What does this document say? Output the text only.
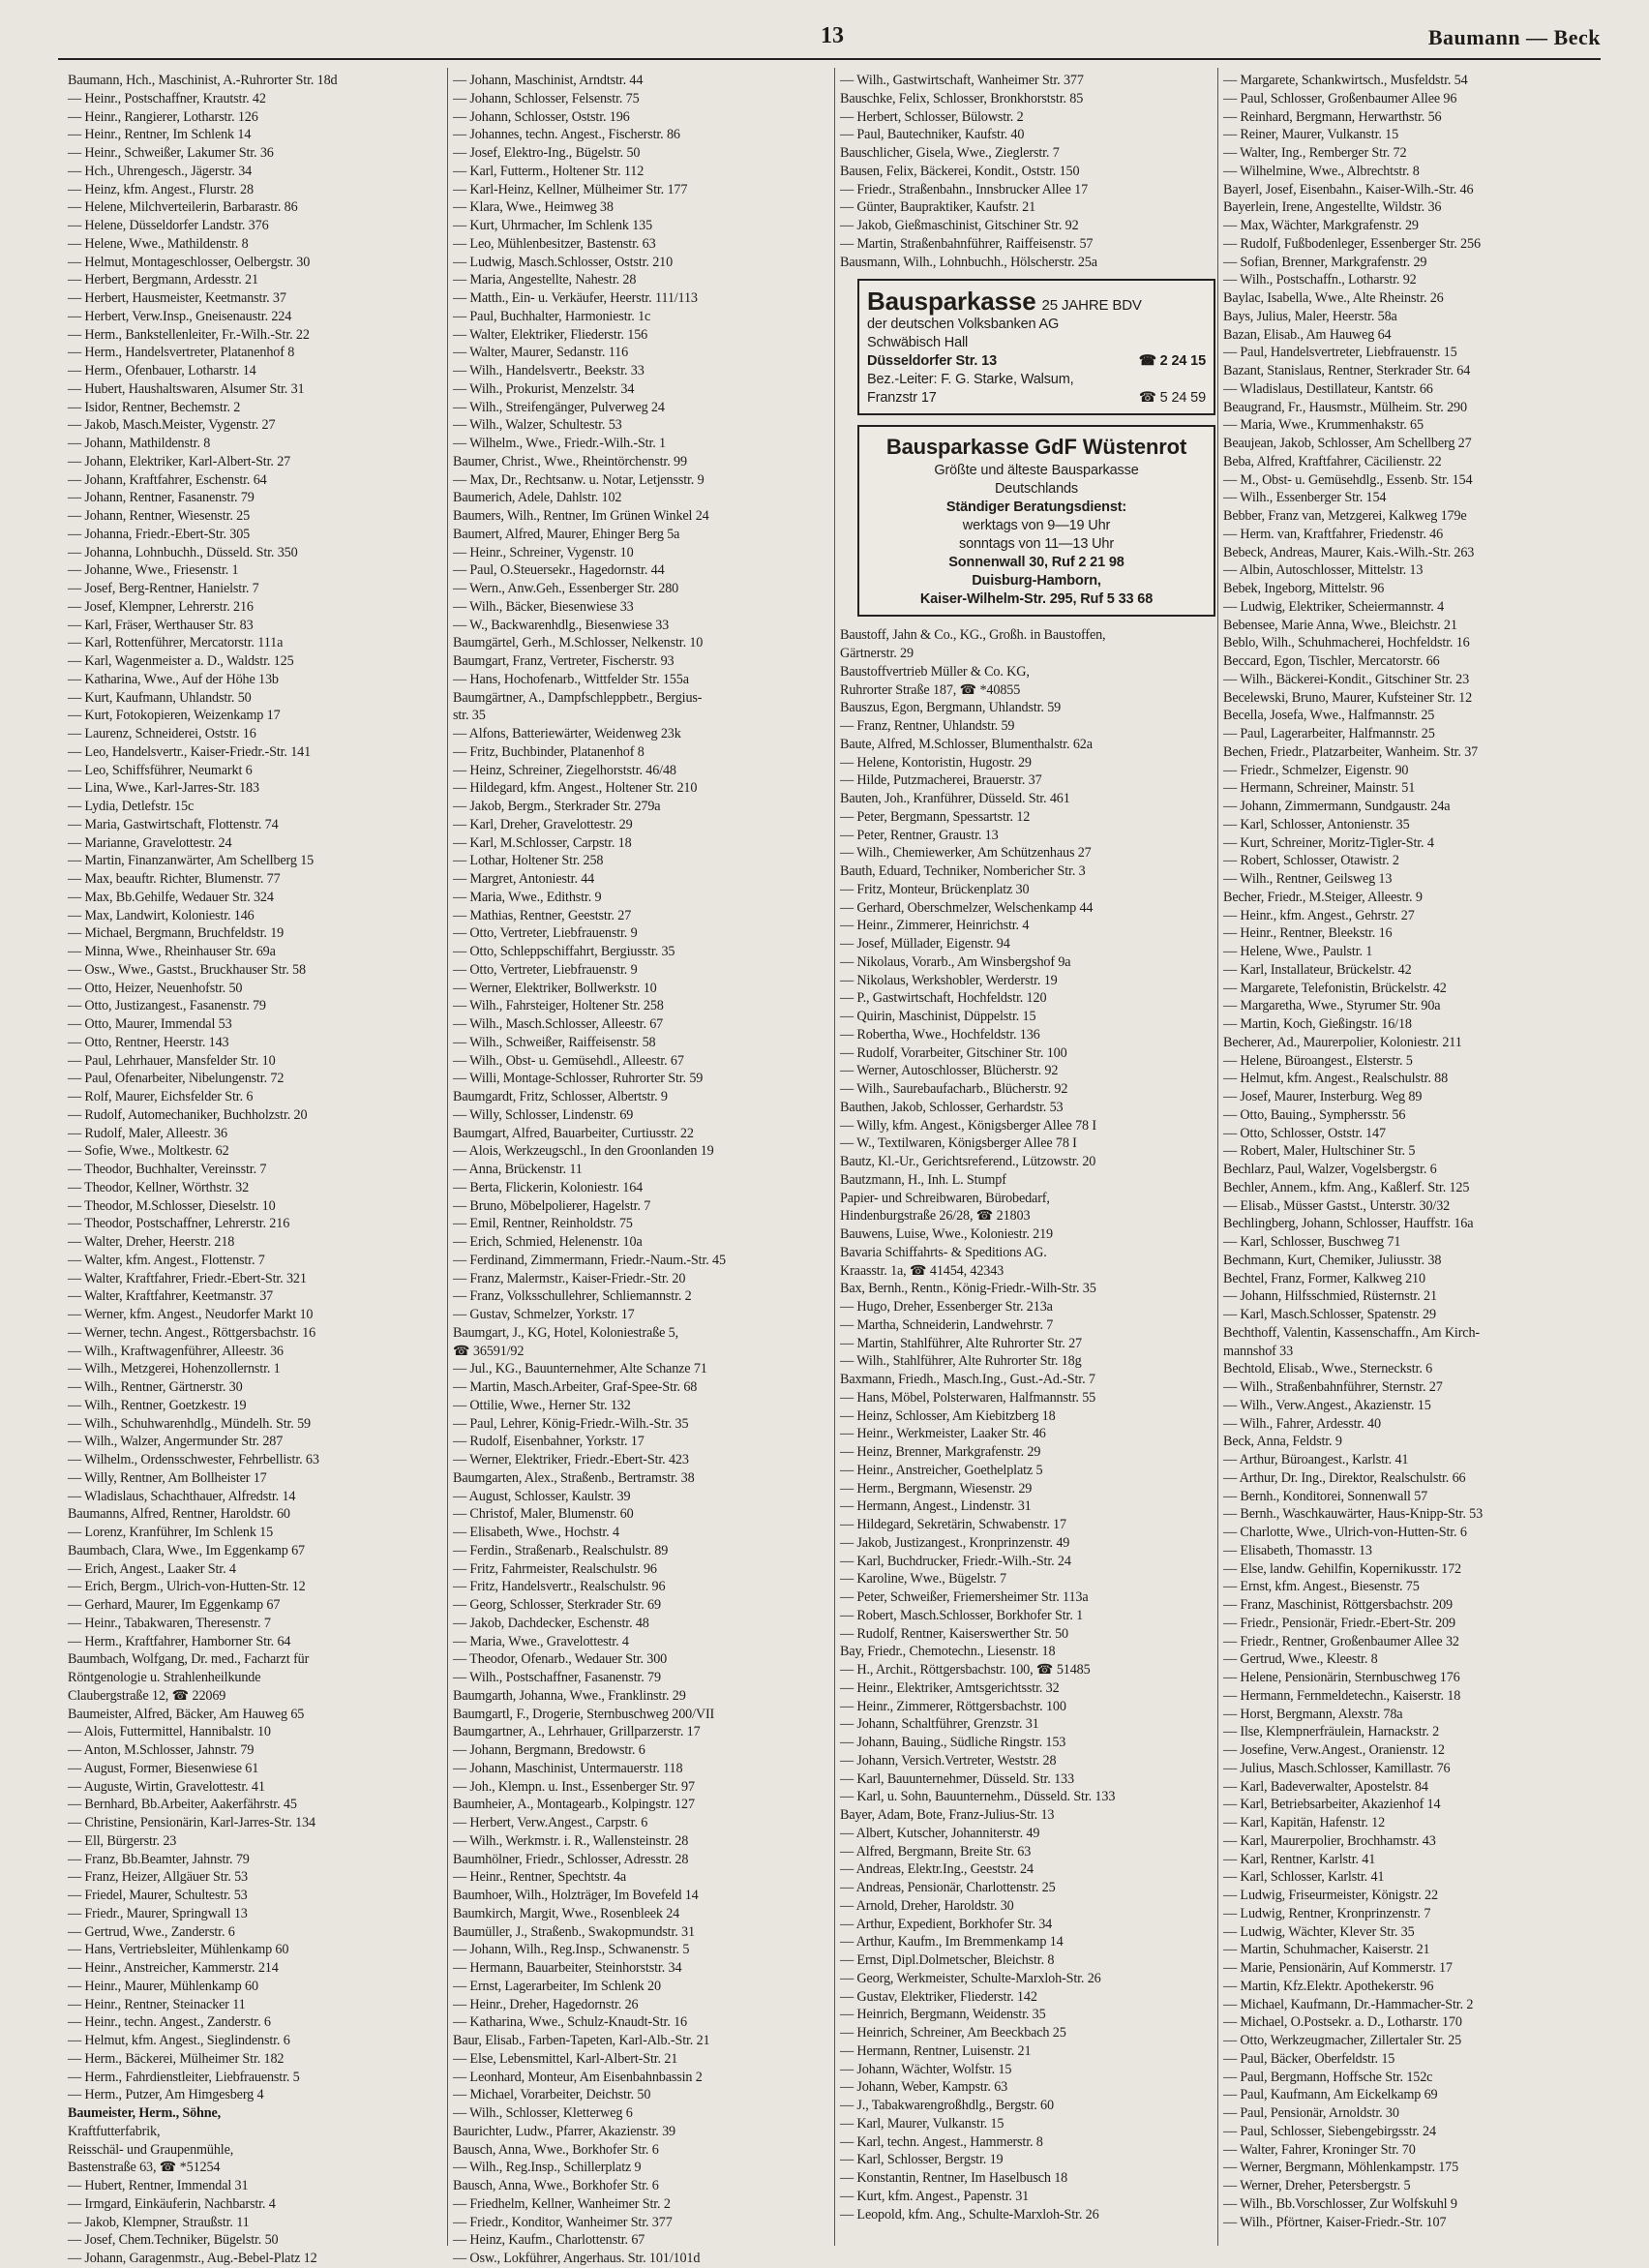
13	Baumann — Beck
Baumann, Hch., Maschinist, A.-Ruhrorter Str. 18d
— Heinr., Postschaffner, Krautstr. 42
— Heinr., Rangierer, Lotharstr. 126
— Heinr., Rentner, Im Schlenk 14
— Heinr., Schweißer, Lakumer Str. 36
— Hch., Uhrengesch., Jägerstr. 34
— Heinz, kfm. Angest., Flurstr. 28
— Helene, Milchverteilerin, Barbarastr. 86
— Helene, Düsseldorfer Landstr. 376
— Helene, Wwe., Mathildenstr. 8
— Helmut, Montageschlosser, Oelbergstr. 30
— Herbert, Bergmann, Ardesstr. 21
— Herbert, Hausmeister, Keetmanstr. 37
— Herbert, Verw.Insp., Gneisenaustr. 224
— Herm., Bankstellenleiter, Fr.-Wilh.-Str. 22
— Herm., Handelsvertreter, Platanenhof 8
— Herm., Ofenbauer, Lotharstr. 14
— Hubert, Haushaltswaren, Alsumer Str. 31
— Isidor, Rentner, Bechemstr. 2
— Jakob, Masch.Meister, Vygenstr. 27
— Johann, Mathildenstr. 8
— Johann, Elektriker, Karl-Albert-Str. 27
— Johann, Kraftfahrer, Eschenstr. 64
— Johann, Rentner, Fasanenstr. 79
— Johann, Rentner, Wiesenstr. 25
— Johanna, Friedr.-Ebert-Str. 305
— Johanna, Lohnbuchh., Düsseld. Str. 350
— Johanne, Wwe., Friesenstr. 1
— Josef, Berg-Rentner, Hanielstr. 7
— Josef, Klempner, Lehrerstr. 216
— Karl, Fräser, Werthauser Str. 83
— Karl, Rottenführer, Mercatorstr. 111a
— Karl, Wagenmeister a. D., Waldstr. 125
— Katharina, Wwe., Auf der Höhe 13b
— Kurt, Kaufmann, Uhlandstr. 50
— Kurt, Fotokopieren, Weizenkamp 17
— Laurenz, Schneiderei, Oststr. 16
— Leo, Handelsvertr., Kaiser-Friedr.-Str. 141
— Leo, Schiffsführer, Neumarkt 6
— Lina, Wwe., Karl-Jarres-Str. 183
— Lydia, Detlefstr. 15c
— Maria, Gastwirtschaft, Flottenstr. 74
— Marianne, Gravelottestr. 24
— Martin, Finanzanwärter, Am Schellberg 15
— Max, beauftr. Richter, Blumenstr. 77
— Max, Bb.Gehilfe, Wedauer Str. 324
— Max, Landwirt, Koloniestr. 146
— Michael, Bergmann, Bruchfeldstr. 19
— Minna, Wwe., Rheinhauser Str. 69a
— Osw., Wwe., Gastst., Bruckhauser Str. 58
— Otto, Heizer, Neuenhofstr. 50
— Otto, Justizangest., Fasanenstr. 79
— Otto, Maurer, Immendal 53
— Otto, Rentner, Heerstr. 143
— Paul, Lehrhauer, Mansfelder Str. 10
— Paul, Ofenarbeiter, Nibelungenstr. 72
— Rolf, Maurer, Eichsfelder Str. 6
— Rudolf, Automechaniker, Buchholzstr. 20
— Rudolf, Maler, Alleestr. 36
— Sofie, Wwe., Moltkestr. 62
— Theodor, Buchhalter, Vereinsstr. 7
— Theodor, Kellner, Wörthstr. 32
— Theodor, M.Schlosser, Dieselstr. 10
— Theodor, Postschaffner, Lehrerstr. 216
— Walter, Dreher, Heerstr. 218
— Walter, kfm. Angest., Flottenstr. 7
— Walter, Kraftfahrer, Friedr.-Ebert-Str. 321
— Walter, Kraftfahrer, Keetmanstr. 37
— Werner, kfm. Angest., Neudorfer Markt 10
— Werner, techn. Angest., Röttgersbachstr. 16
— Wilh., Kraftwagenführer, Alleestr. 36
— Wilh., Metzgerei, Hohenzollernstr. 1
— Wilh., Rentner, Gärtnerstr. 30
— Wilh., Rentner, Goetzkestr. 19
— Wilh., Schuhwarenhdlg., Mündelh. Str. 59
— Wilh., Walzer, Angermunder Str. 287
— Wilhelm., Ordensschwester, Fehrbellistr. 63
— Willy, Rentner, Am Bollheister 17
— Wladislaus, Schachthauer, Alfredstr. 14
Baumanns, Alfred, Rentner, Haroldstr. 60
— Lorenz, Kranführer, Im Schlenk 15
Baumbach, Clara, Wwe., Im Eggenkamp 67
— Erich, Angest., Laaker Str. 4
— Erich, Bergm., Ulrich-von-Hutten-Str. 12
— Gerhard, Maurer, Im Eggenkamp 67
— Heinr., Tabakwaren, Theresenstr. 7
— Herm., Kraftfahrer, Hamborner Str. 64
Baumbach, Wolfgang, Dr. med., Facharzt für
Röntgenologie u. Strahlenheilkunde
Claubergstraße 12, ☎ 22069
Baumeister, Alfred, Bäcker, Am Hauweg 65
— Alois, Futtermittel, Hannibalstr. 10
— Anton, M.Schlosser, Jahnstr. 79
— August, Former, Biesenwiese 61
— Auguste, Wirtin, Gravelottestr. 41
— Bernhard, Bb.Arbeiter, Aakerfährstr. 45
— Christine, Pensionärin, Karl-Jarres-Str. 134
— Ell, Bürgerstr. 23
— Franz, Bb.Beamter, Jahnstr. 79
— Franz, Heizer, Allgäuer Str. 53
— Friedel, Maurer, Schultestr. 53
— Friedr., Maurer, Springwall 13
— Gertrud, Wwe., Zanderstr. 6
— Hans, Vertriebsleiter, Mühlenkamp 60
— Heinr., Anstreicher, Kammerstr. 214
— Heinr., Maurer, Mühlenkamp 60
— Heinr., Rentner, Steinacker 11
— Heinr., techn. Angest., Zanderstr. 6
— Helmut, kfm. Angest., Sieglindenstr. 6
— Herm., Bäckerei, Mülheimer Str. 182
— Herm., Fahrdienstleiter, Liebfrauenstr. 5
— Herm., Putzer, Am Himgesberg 4
Baumeister, Herm., Söhne,
Kraftfutterfabrik,
Reisschäl- und Graupenmühle,
Bastenstraße 63, ☎ *51254
— Hubert, Rentner, Immendal 31
— Irmgard, Einkäuferin, Nachbarstr. 4
— Jakob, Klempner, Straußstr. 11
— Josef, Chem.Techniker, Bügelstr. 50
— Johann, Garagenmstr., Aug.-Bebel-Platz 12
— Johann, Maschinist, Arndtstr. 44
— Johann, Schlosser, Felsenstr. 75
— Johann, Schlosser, Oststr. 196
— Johannes, techn. Angest., Fischerstr. 86
— Josef, Elektro-Ing., Bügelstr. 50
— Karl, Futterm., Holtener Str. 112
— Karl-Heinz, Kellner, Mülheimer Str. 177
— Klara, Wwe., Heimweg 38
— Kurt, Uhrmacher, Im Schlenk 135
— Leo, Mühlenbesitzer, Bastenstr. 63
— Ludwig, Masch.Schlosser, Oststr. 210
— Maria, Angestellte, Nahestr. 28
— Matth., Ein- u. Verkäufer, Heerstr. 111/113
— Paul, Buchhalter, Harmoniestr. 1c
— Walter, Elektriker, Fliederstr. 156
— Walter, Maurer, Sedanstr. 116
— Wilh., Handelsvertr., Beekstr. 33
— Wilh., Prokurist, Menzelstr. 34
— Wilh., Streifengänger, Pulverweg 24
— Wilh., Walzer, Schultestr. 53
— Wilhelm., Wwe., Friedr.-Wilh.-Str. 1
Baumer, Christ., Wwe., Rheintörchenstr. 99
— Max, Dr., Rechtsanw. u. Notar, Letjensstr. 9
Baumerich, Adele, Dahlstr. 102
Baumers, Wilh., Rentner, Im Grünen Winkel 24
Baumert, Alfred, Maurer, Ehinger Berg 5a
— Heinr., Schreiner, Vygenstr. 10
— Paul, O.Steuersekr., Hagedornstr. 44
— Wern., Anw.Geh., Essenberger Str. 280
— Wilh., Bäcker, Biesenwiese 33
— W., Backwarenhdlg., Biesenwiese 33
Baumgärtel, Gerh., M.Schlosser, Nelkenstr. 10
Baumgart, Franz, Vertreter, Fischerstr. 93
— Hans, Hochofenarb., Wittfelder Str. 155a
Baumgärtner, A., Dampfschleppbetr., Bergius-
str. 35
— Alfons, Batteriewärter, Weidenweg 23k
— Fritz, Buchbinder, Platanenhof 8
— Heinz, Schreiner, Ziegelhorststr. 46/48
— Hildegard, kfm. Angest., Holtener Str. 210
— Jakob, Bergm., Sterkrader Str. 279a
— Karl, Dreher, Gravelottestr. 29
— Karl, M.Schlosser, Carpstr. 18
— Lothar, Holtener Str. 258
— Margret, Antoniestr. 44
— Maria, Wwe., Edithstr. 9
— Mathias, Rentner, Geeststr. 27
— Otto, Vertreter, Liebfrauenstr. 9
— Otto, Schleppschiffahrt, Bergiusstr. 35
— Otto, Vertreter, Liebfrauenstr. 9
— Werner, Elektriker, Bollwerkstr. 10
— Wilh., Fahrsteiger, Holtener Str. 258
— Wilh., Masch.Schlosser, Alleestr. 67
— Wilh., Schweißer, Raiffeisenstr. 58
— Wilh., Obst- u. Gemüsehdl., Alleestr. 67
— Willi, Montage-Schlosser, Ruhrorter Str. 59
Baumgardt, Fritz, Schlosser, Albertstr. 9
— Willy, Schlosser, Lindenstr. 69
Baumgart, Alfred, Bauarbeiter, Curtiusstr. 22
— Alois, Werkzeugschl., In den Groonlanden 19
— Anna, Brückenstr. 11
— Berta, Flickerin, Koloniestr. 164
— Bruno, Möbelpolierer, Hagelstr. 7
— Emil, Rentner, Reinholdstr. 75
— Erich, Schmied, Helenenstr. 10a
— Ferdinand, Zimmermann, Friedr.-Naum.-Str. 45
— Franz, Malermstr., Kaiser-Friedr.-Str. 20
— Franz, Volksschullehrer, Schliemannstr. 2
— Gustav, Schmelzer, Yorkstr. 17
Baumgart, J., KG, Hotel, Koloniestraße 5,
☎ 36591/92
— Jul., KG., Bauunternehmer, Alte Schanze 71
— Martin, Masch.Arbeiter, Graf-Spee-Str. 68
— Ottilie, Wwe., Herner Str. 132
— Paul, Lehrer, König-Friedr.-Wilh.-Str. 35
— Rudolf, Eisenbahner, Yorkstr. 17
— Werner, Elektriker, Friedr.-Ebert-Str. 423
Baumgarten, Alex., Straßenb., Bertramstr. 38
— August, Schlosser, Kaulstr. 39
— Christof, Maler, Blumenstr. 60
— Elisabeth, Wwe., Hochstr. 4
— Ferdin., Straßenarb., Realschulstr. 89
— Fritz, Fahrmeister, Realschulstr. 96
— Fritz, Handelsvertr., Realschulstr. 96
— Georg, Schlosser, Sterkrader Str. 69
— Jakob, Dachdecker, Eschenstr. 48
— Maria, Wwe., Gravelottestr. 4
— Theodor, Ofenarb., Wedauer Str. 300
— Wilh., Postschaffner, Fasanenstr. 79
Baumgarth, Johanna, Wwe., Franklinstr. 29
Baumgartl, F., Drogerie, Sternbuschweg 200/VII
Baumgartner, A., Lehrhauer, Grillparzerstr. 17
— Johann, Bergmann, Bredowstr. 6
— Johann, Maschinist, Untermauerstr. 118
— Joh., Klempn. u. Inst., Essenberger Str. 97
Baumheier, A., Montagearb., Kolpingstr. 127
— Herbert, Verw.Angest., Carpstr. 6
— Wilh., Werkmstr. i. R., Wallensteinstr. 28
Baumhölner, Friedr., Schlosser, Adresstr. 28
— Heinr., Rentner, Spechtstr. 4a
Baumhoer, Wilh., Holzträger, Im Bovefeld 14
Baumkirch, Margit, Wwe., Rosenbleek 24
Baumüller, J., Straßenb., Swakopmundstr. 31
— Johann, Wilh., Reg.Insp., Schwanenstr. 5
— Hermann, Bauarbeiter, Steinhorststr. 34
— Ernst, Lagerarbeiter, Im Schlenk 20
— Heinr., Dreher, Hagedornstr. 26
— Katharina, Wwe., Schulz-Knaudt-Str. 16
Baur, Elisab., Farben-Tapeten, Karl-Alb.-Str. 21
— Else, Lebensmittel, Karl-Albert-Str. 21
— Leonhard, Monteur, Am Eisenbahnbassin 2
— Michael, Vorarbeiter, Deichstr. 50
— Wilh., Schlosser, Kletterweg 6
Baurichter, Ludw., Pfarrer, Akazienstr. 39
Bausch, Anna, Wwe., Borkhofer Str. 6
— Wilh., Reg.Insp., Schillerplatz 9
Bausch, Anna, Wwe., Borkhofer Str. 6
— Friedhelm, Kellner, Wanheimer Str. 2
— Friedr., Konditor, Wanheimer Str. 377
— Heinz, Kaufm., Charlottenstr. 67
— Osw., Lokführer, Angerhaus. Str. 101/101d
— Wilh., Gastwirtschaft, Wanheimer Str. 377
Bauschke, Felix, Schlosser, Bronkhorststr. 85
— Herbert, Schlosser, Bülowstr. 2
— Paul, Bautechniker, Kaufstr. 40
Bauschlicher, Gisela, Wwe., Zieglerstr. 7
Bausen, Felix, Bäckerei, Kondit., Oststr. 150
— Friedr., Straßenbahn., Innsbrucker Allee 17
— Günter, Baupraktiker, Kaufstr. 21
— Jakob, Gießmaschinist, Gitschiner Str. 92
— Martin, Straßenbahnführer, Raiffeisenstr. 57
Bausmann, Wilh., Lohnbuchh., Hölscherstr. 25a
Bausparkasse 25 JAHRE BDV
der deutschen Volksbanken AG
Schwäbisch Hall
Düsseldorfer Str. 13	☎ 2 24 15
Bez.-Leiter: F. G. Starke, Walsum,
Franzstr 17	☎ 5 24 59
Bausparkasse GdF Wüstenrot
Größte und älteste Bausparkasse
Deutschlands
Ständiger Beratungsdienst:
werktags von 9—19 Uhr
sonntags von 11—13 Uhr
Sonnenwall 30, Ruf 2 21 98
Duisburg-Hamborn,
Kaiser-Wilhelm-Str. 295, Ruf 5 33 68
Baustoff, Jahn & Co., KG., Großh. in Baustoffen,
Gärtnerstr. 29
Baustoffvertrieb Müller & Co. KG,
Ruhrorter Straße 187, ☎ *40855
Bauszus, Egon, Bergmann, Uhlandstr. 59
— Franz, Rentner, Uhlandstr. 59
Baute, Alfred, M.Schlosser, Blumenthalstr. 62a
— Helene, Kontoristin, Hugostr. 29
— Hilde, Putzmacherei, Brauerstr. 37
Bauten, Joh., Kranführer, Düsseld. Str. 461
— Peter, Bergmann, Spessartstr. 12
— Peter, Rentner, Graustr. 13
— Wilh., Chemiewerker, Am Schützenhaus 27
Bauth, Eduard, Techniker, Nombericher Str. 3
— Fritz, Monteur, Brückenplatz 30
— Gerhard, Oberschmelzer, Welschenkamp 44
— Heinr., Zimmerer, Heinrichstr. 4
— Josef, Müllader, Eigenstr. 94
— Nikolaus, Vorarb., Am Winsbergshof 9a
— Nikolaus, Werkshobler, Werderstr. 19
— P., Gastwirtschaft, Hochfeldstr. 120
— Quirin, Maschinist, Düppelstr. 15
— Robertha, Wwe., Hochfeldstr. 136
— Rudolf, Vorarbeiter, Gitschiner Str. 100
— Werner, Autoschlosser, Blücherstr. 92
— Wilh., Saurebaufacharb., Blücherstr. 92
Bauthen, Jakob, Schlosser, Gerhardstr. 53
— Willy, kfm. Angest., Königsberger Allee 78 I
— W., Textilwaren, Königsberger Allee 78 I
Bautz, Kl.-Ur., Gerichtsreferend., Lützowstr. 20
Bautzmann, H., Inh. L. Stumpf
Papier- und Schreibwaren, Bürobedarf,
Hindenburgstraße 26/28, ☎ 21803
Bauwens, Luise, Wwe., Koloniestr. 219
Bavaria Schiffahrts- & Speditions AG.
Kraasstr. 1a, ☎ 41454, 42343
Bax, Bernh., Rentn., König-Friedr.-Wilh-Str. 35
— Hugo, Dreher, Essenberger Str. 213a
— Martha, Schneiderin, Landwehrstr. 7
— Martin, Stahlführer, Alte Ruhrorter Str. 27
— Wilh., Stahlführer, Alte Ruhrorter Str. 18g
Baxmann, Friedh., Masch.Ing., Gust.-Ad.-Str. 7
— Hans, Möbel, Polsterwaren, Halfmannstr. 55
— Heinz, Schlosser, Am Kiebitzberg 18
— Heinr., Werkmeister, Laaker Str. 46
— Heinz, Brenner, Markgrafenstr. 29
— Heinr., Anstreicher, Goethelplatz 5
— Herm., Bergmann, Wiesenstr. 29
— Hermann, Angest., Lindenstr. 31
— Hildegard, Sekretärin, Schwabenstr. 17
— Jakob, Justizangest., Kronprinzenstr. 49
— Karl, Buchdrucker, Friedr.-Wilh.-Str. 24
— Karoline, Wwe., Bügelstr. 7
— Peter, Schweißer, Friemersheimer Str. 113a
— Robert, Masch.Schlosser, Borkhofer Str. 1
— Rudolf, Rentner, Kaiserswerther Str. 50
Bay, Friedr., Chemotechn., Liesenstr. 18
— H., Archit., Röttgersbachstr. 100, ☎ 51485
— Heinr., Elektriker, Amtsgerichtsstr. 32
— Heinr., Zimmerer, Röttgersbachstr. 100
— Johann, Schaltführer, Grenzstr. 31
— Johann, Bauing., Südliche Ringstr. 153
— Johann, Versich.Vertreter, Weststr. 28
— Karl, Bauunternehmer, Düsseld. Str. 133
— Karl, u. Sohn, Bauunternehm., Düsseld. Str. 133
Bayer, Adam, Bote, Franz-Julius-Str. 13
— Albert, Kutscher, Johanniterstr. 49
— Alfred, Bergmann, Breite Str. 63
— Andreas, Elektr.Ing., Geeststr. 24
— Andreas, Pensionär, Charlottenstr. 25
— Arnold, Dreher, Haroldstr. 30
— Arthur, Expedient, Borkhofer Str. 34
— Arthur, Kaufm., Im Bremmenkamp 14
— Ernst, Dipl.Dolmetscher, Bleichstr. 8
— Georg, Werkmeister, Schulte-Marxloh-Str. 26
— Gustav, Elektriker, Fliederstr. 142
— Heinrich, Bergmann, Weidenstr. 35
— Heinrich, Schreiner, Am Beeckbach 25
— Hermann, Rentner, Luisenstr. 21
— Johann, Wächter, Wolfstr. 15
— Johann, Weber, Kampstr. 63
— J., Tabakwarengroßhdlg., Bergstr. 60
— Karl, Maurer, Vulkanstr. 15
— Karl, techn. Angest., Hammerstr. 8
— Karl, Schlosser, Bergstr. 19
— Konstantin, Rentner, Im Haselbusch 18
— Kurt, kfm. Angest., Papenstr. 31
— Leopold, kfm. Ang., Schulte-Marxloh-Str. 26
— Margarete, Schankwirtsch., Musfeldstr. 54
— Paul, Schlosser, Großenbaumer Allee 96
— Reinhard, Bergmann, Herwarthstr. 56
— Reiner, Maurer, Vulkanstr. 15
— Walter, Ing., Remberger Str. 72
— Wilhelmine, Wwe., Albrechtstr. 8
Bayerl, Josef, Eisenbahn., Kaiser-Wilh.-Str. 46
Bayerlein, Irene, Angestellte, Wildstr. 36
— Max, Wächter, Markgrafenstr. 29
— Rudolf, Fußbodenleger, Essenberger Str. 256
— Sofian, Brenner, Markgrafenstr. 29
— Wilh., Postschaffn., Lotharstr. 92
Baylac, Isabella, Wwe., Alte Rheinstr. 26
Bays, Julius, Maler, Heerstr. 58a
Bazan, Elisab., Am Hauweg 64
— Paul, Handelsvertreter, Liebfrauenstr. 15
Bazant, Stanislaus, Rentner, Sterkrader Str. 64
— Wladislaus, Destillateur, Kantstr. 66
Beaugrand, Fr., Hausmstr., Mülheim. Str. 290
— Maria, Wwe., Krummenhakstr. 65
Beaujean, Jakob, Schlosser, Am Schellberg 27
Beba, Alfred, Kraftfahrer, Cäcilienstr. 22
— M., Obst- u. Gemüsehdlg., Essenb. Str. 154
— Wilh., Essenberger Str. 154
Bebber, Franz van, Metzgerei, Kalkweg 179e
— Herm. van, Kraftfahrer, Friedenstr. 46
Bebeck, Andreas, Maurer, Kais.-Wilh.-Str. 263
— Albin, Autoschlosser, Mittelstr. 13
Bebek, Ingeborg, Mittelstr. 96
— Ludwig, Elektriker, Scheiermannstr. 4
Bebensee, Marie Anna, Wwe., Bleichstr. 21
Beblo, Wilh., Schuhmacherei, Hochfeldstr. 16
Beccard, Egon, Tischler, Mercatorstr. 66
— Wilh., Bäckerei-Kondit., Gitschiner Str. 23
Becelewski, Bruno, Maurer, Kufsteiner Str. 12
Becella, Josefa, Wwe., Halfmannstr. 25
— Paul, Lagerarbeiter, Halfmannstr. 25
Bechen, Friedr., Platzarbeiter, Wanheim. Str. 37
— Friedr., Schmelzer, Eigenstr. 90
— Hermann, Schreiner, Mainstr. 51
— Johann, Zimmermann, Sundgaustr. 24a
— Karl, Schlosser, Antonienstr. 35
— Kurt, Schreiner, Moritz-Tigler-Str. 4
— Robert, Schlosser, Otawistr. 2
— Wilh., Rentner, Geilsweg 13
Becher, Friedr., M.Steiger, Alleestr. 9
— Heinr., kfm. Angest., Gehrstr. 27
— Heinr., Rentner, Bleekstr. 16
— Helene, Wwe., Paulstr. 1
— Karl, Installateur, Brückelstr. 42
— Margarete, Telefonistin, Brückelstr. 42
— Margaretha, Wwe., Styrumer Str. 90a
— Martin, Koch, Gießingstr. 16/18
Becherer, Ad., Maurerpolier, Koloniestr. 211
— Helene, Büroangest., Elsterstr. 5
— Helmut, kfm. Angest., Realschulstr. 88
— Josef, Maurer, Insterburg. Weg 89
— Otto, Bauing., Symphersstr. 56
— Otto, Schlosser, Oststr. 147
— Robert, Maler, Hultschiner Str. 5
Bechlarz, Paul, Walzer, Vogelsbergstr. 6
Bechler, Annem., kfm. Ang., Kaßlerf. Str. 125
— Elisab., Müsser Gastst., Unterstr. 30/32
Bechlingberg, Johann, Schlosser, Hauffstr. 16a
— Karl, Schlosser, Buschweg 71
Bechmann, Kurt, Chemiker, Juliusstr. 38
Bechtel, Franz, Former, Kalkweg 210
— Johann, Hilfsschmied, Rüsternstr. 21
— Karl, Masch.Schlosser, Spatenstr. 29
Bechthoff, Valentin, Kassenschaffn., Am Kirch-
mannshof 33
Bechtold, Elisab., Wwe., Sterneckstr. 6
— Wilh., Straßenbahnführer, Sternstr. 27
— Wilh., Verw.Angest., Akazienstr. 15
— Wilh., Fahrer, Ardesstr. 40
Beck, Anna, Feldstr. 9
— Arthur, Büroangest., Karlstr. 41
— Arthur, Dr. Ing., Direktor, Realschulstr. 66
— Bernh., Konditorei, Sonnenwall 57
— Bernh., Waschkauwärter, Haus-Knipp-Str. 53
— Charlotte, Wwe., Ulrich-von-Hutten-Str. 6
— Elisabeth, Thomasstr. 13
— Else, landw. Gehilfin, Kopernikusstr. 172
— Ernst, kfm. Angest., Biesenstr. 75
— Franz, Maschinist, Röttgersbachstr. 209
— Friedr., Pensionär, Friedr.-Ebert-Str. 209
— Friedr., Rentner, Großenbaumer Allee 32
— Gertrud, Wwe., Kleestr. 8
— Helene, Pensionärin, Sternbuschweg 176
— Hermann, Fernmeldetechn., Kaiserstr. 18
— Horst, Bergmann, Alexstr. 78a
— Ilse, Klempnerfräulein, Harnackstr. 2
— Josefine, Verw.Angest., Oranienstr. 12
— Julius, Masch.Schlosser, Kamillastr. 76
— Karl, Badeverwalter, Apostelstr. 84
— Karl, Betriebsarbeiter, Akazienhof 14
— Karl, Kapitän, Hafenstr. 12
— Karl, Maurerpolier, Brochhamstr. 43
— Karl, Rentner, Karlstr. 41
— Karl, Schlosser, Karlstr. 41
— Ludwig, Friseurmeister, Königstr. 22
— Ludwig, Rentner, Kronprinzenstr. 7
— Ludwig, Wächter, Klever Str. 35
— Martin, Schuhmacher, Kaiserstr. 21
— Marie, Pensionärin, Auf Kommerstr. 17
— Martin, Kfz.Elektr. Apothekerstr. 96
— Michael, Kaufmann, Dr.-Hammacher-Str. 2
— Michael, O.Postsekr. a. D., Lotharstr. 170
— Otto, Werkzeugmacher, Zillertaler Str. 25
— Paul, Bäcker, Oberfeldstr. 15
— Paul, Bergmann, Hoffsche Str. 152c
— Paul, Kaufmann, Am Eickelkamp 69
— Paul, Pensionär, Arnoldstr. 30
— Paul, Schlosser, Siebengebirgsstr. 24
— Walter, Fahrer, Kroninger Str. 70
— Werner, Bergmann, Möhlenkampstr. 175
— Werner, Dreher, Petersbergstr. 5
— Wilh., Bb.Vorschlosser, Zur Wolfskuhl 9
— Wilh., Pförtner, Kaiser-Friedr.-Str. 107
